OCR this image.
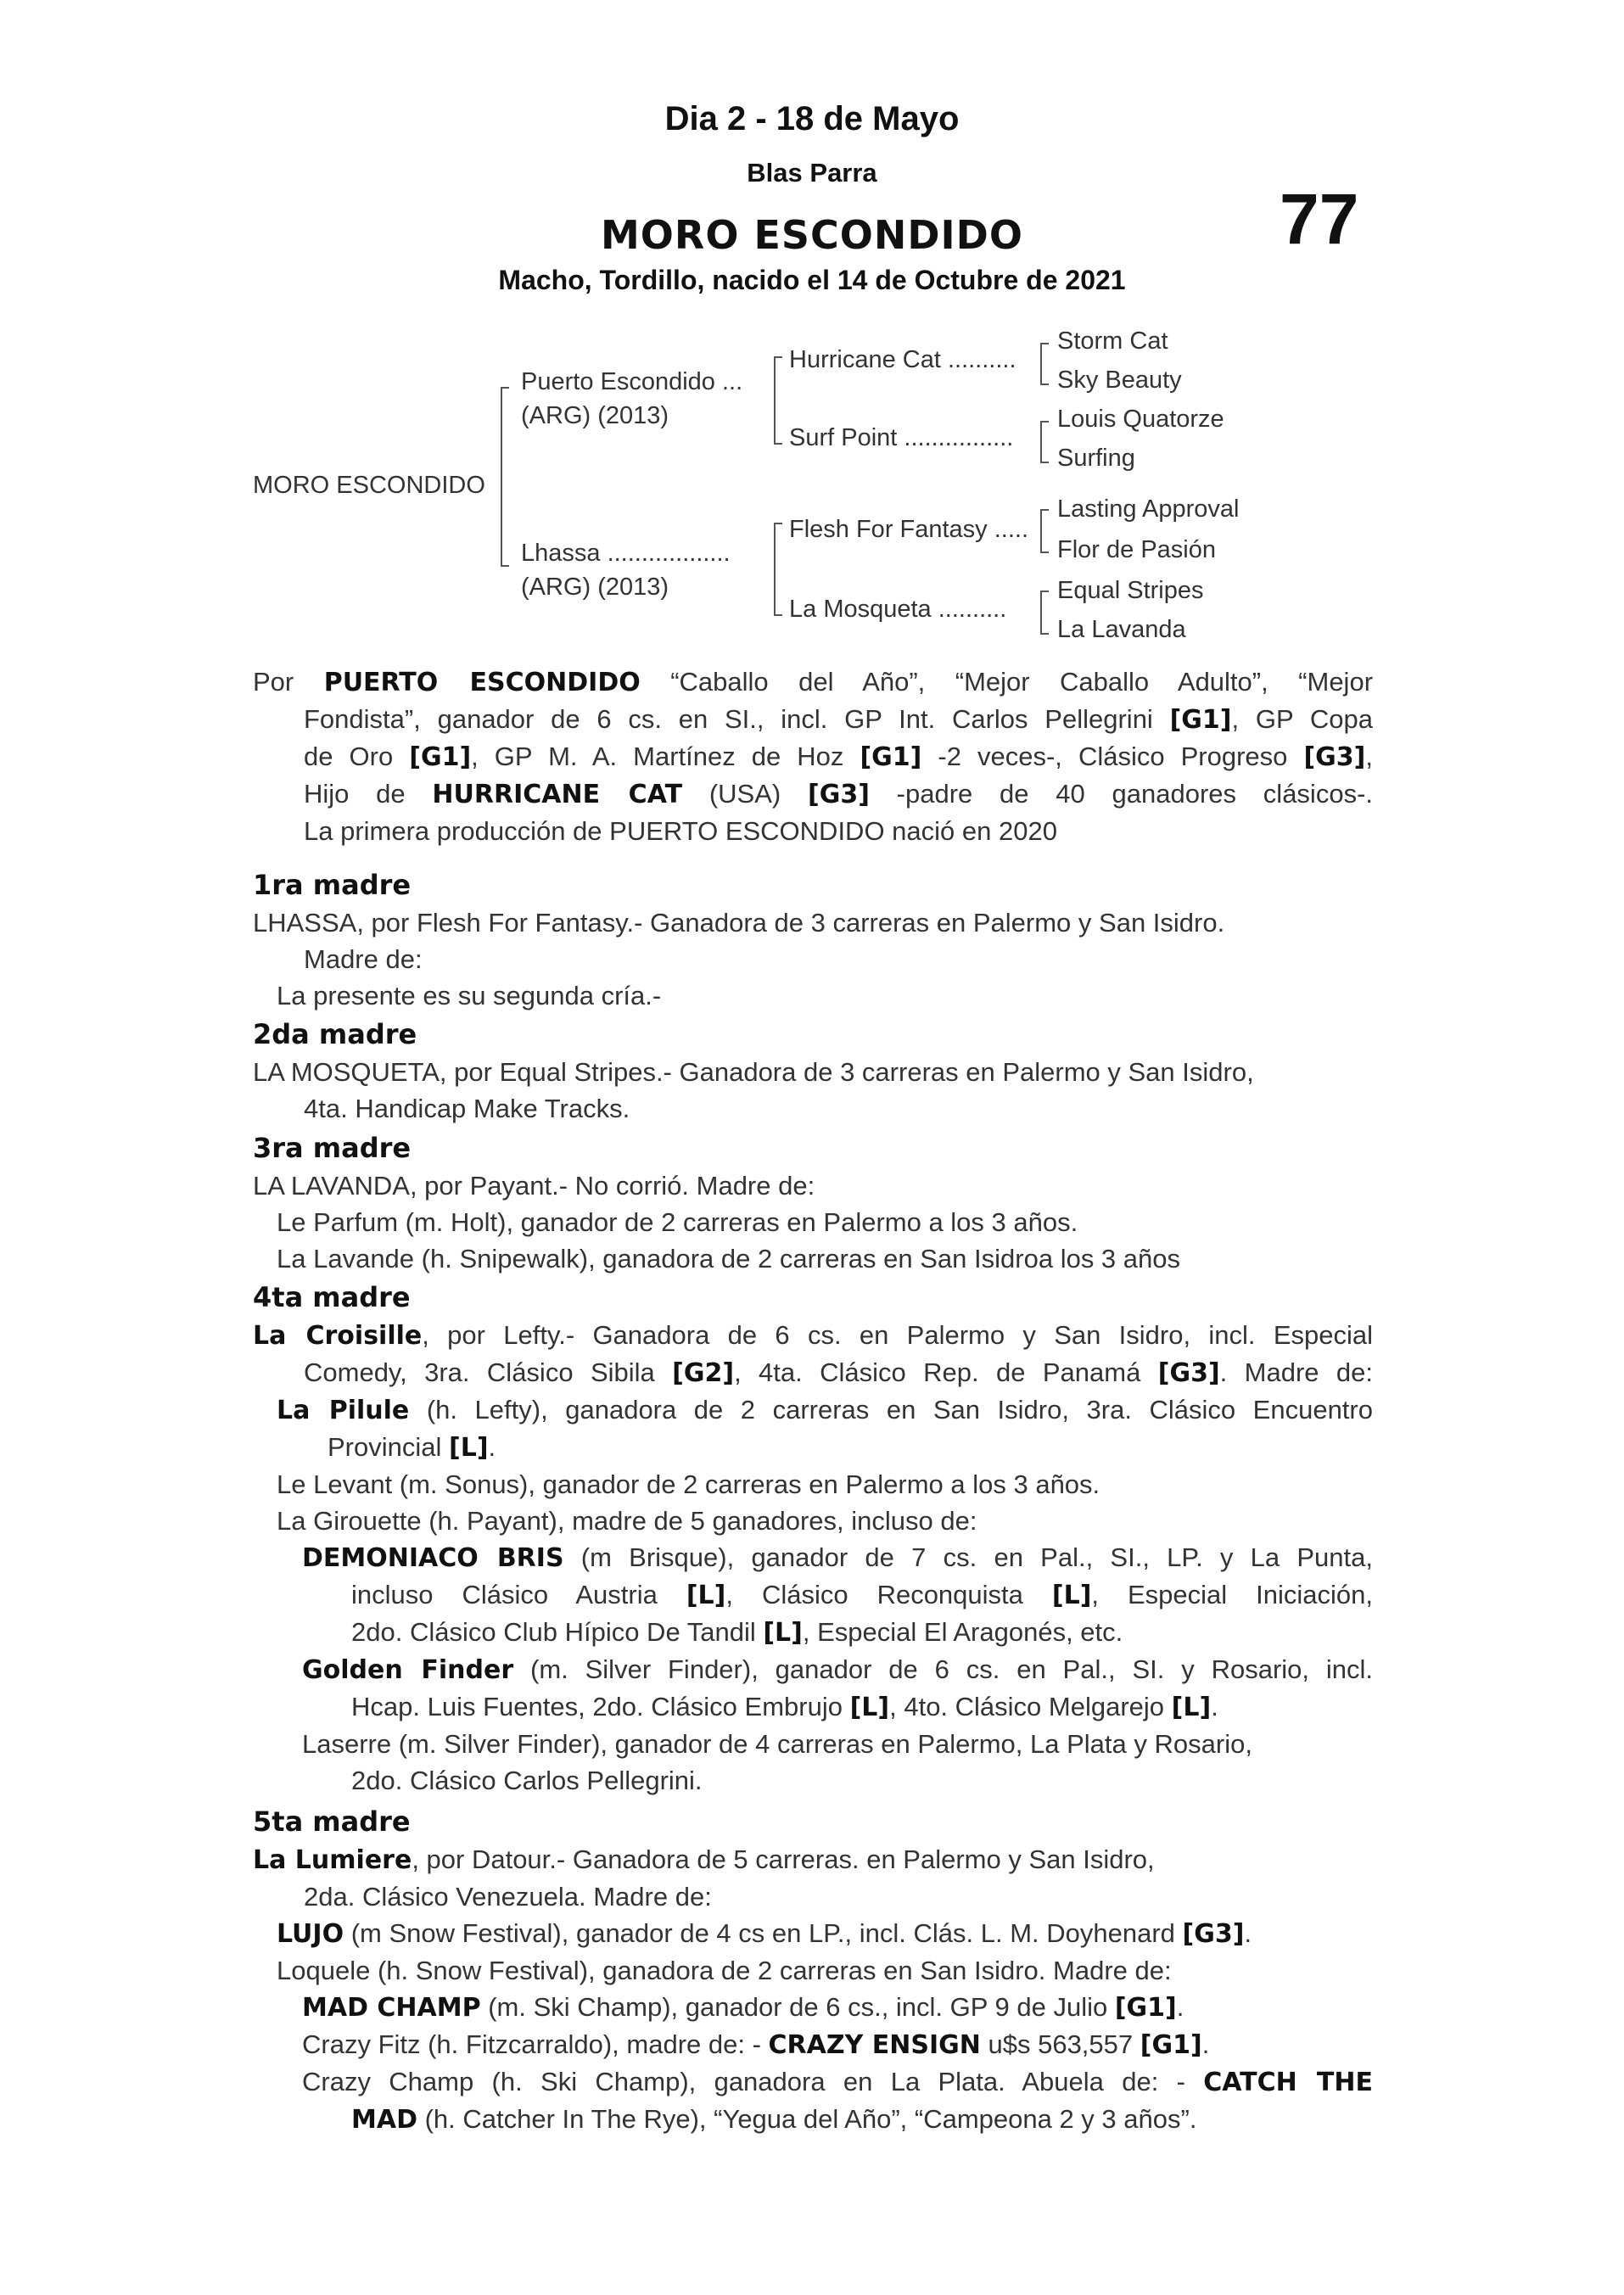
Dia 2 - 18 de Mayo
Blas Parra
77
MORO ESCONDIDO
Macho, Tordillo, nacido el 14 de Octubre de 2021
MORO ESCONDIDO
Puerto Escondido ...
(ARG) (2013)
Lhassa ..................
(ARG) (2013)
Hurricane Cat ..........
Surf Point ................
Flesh For Fantasy .....
La Mosqueta ..........
Storm Cat
Sky Beauty
Louis Quatorze
Surfing
Lasting Approval
Flor de Pasión
Equal Stripes
La Lavanda
Por PUERTO ESCONDIDO “Caballo del Año”, “Mejor Caballo Adulto”, “Mejor
Fondista”, ganador de 6 cs. en SI., incl. GP Int. Carlos Pellegrini [G1], GP Copa
de Oro [G1], GP M. A. Martínez de Hoz [G1] -2 veces-, Clásico Progreso [G3],
Hijo de HURRICANE CAT (USA) [G3] -padre de 40 ganadores clásicos-.
La primera producción de PUERTO ESCONDIDO nació en 2020
1ra madre
LHASSA, por Flesh For Fantasy.- Ganadora de 3 carreras en Palermo y San Isidro.
Madre de:
La presente es su segunda cría.-
2da madre
LA MOSQUETA, por Equal Stripes.- Ganadora de 3 carreras en Palermo y San Isidro,
4ta. Handicap Make Tracks.
3ra madre
LA LAVANDA, por Payant.- No corrió. Madre de:
Le Parfum (m. Holt), ganador de 2 carreras en Palermo a los 3 años.
La Lavande (h. Snipewalk), ganadora de 2 carreras en San Isidroa los 3 años
4ta madre
La Croisille, por Lefty.- Ganadora de 6 cs. en Palermo y San Isidro, incl. Especial
Comedy, 3ra. Clásico Sibila [G2], 4ta. Clásico Rep. de Panamá [G3]. Madre de:
La Pilule (h. Lefty), ganadora de 2 carreras en San Isidro, 3ra. Clásico Encuentro
Provincial [L].
Le Levant (m. Sonus), ganador de 2 carreras en Palermo a los 3 años.
La Girouette (h. Payant), madre de 5 ganadores, incluso de:
DEMONIACO BRIS (m Brisque), ganador de 7 cs. en Pal., SI., LP. y La Punta,
incluso Clásico Austria [L], Clásico Reconquista [L], Especial Iniciación,
2do. Clásico Club Hípico De Tandil [L], Especial El Aragonés, etc.
Golden Finder (m. Silver Finder), ganador de 6 cs. en Pal., SI. y Rosario, incl.
Hcap. Luis Fuentes, 2do. Clásico Embrujo [L], 4to. Clásico Melgarejo [L].
Laserre (m. Silver Finder), ganador de 4 carreras en Palermo, La Plata y Rosario,
2do. Clásico Carlos Pellegrini.
5ta madre
La Lumiere, por Datour.- Ganadora de 5 carreras. en Palermo y San Isidro,
2da. Clásico Venezuela. Madre de:
LUJO (m Snow Festival), ganador de 4 cs en LP., incl. Clás. L. M. Doyhenard [G3].
Loquele (h. Snow Festival), ganadora de 2 carreras en San Isidro. Madre de:
MAD CHAMP (m. Ski Champ), ganador de 6 cs., incl. GP 9 de Julio [G1].
Crazy Fitz (h. Fitzcarraldo), madre de: - CRAZY ENSIGN u$s 563,557 [G1].
Crazy Champ (h. Ski Champ), ganadora en La Plata. Abuela de: - CATCH THE
MAD (h. Catcher In The Rye), “Yegua del Año”, “Campeona 2 y 3 años”.
